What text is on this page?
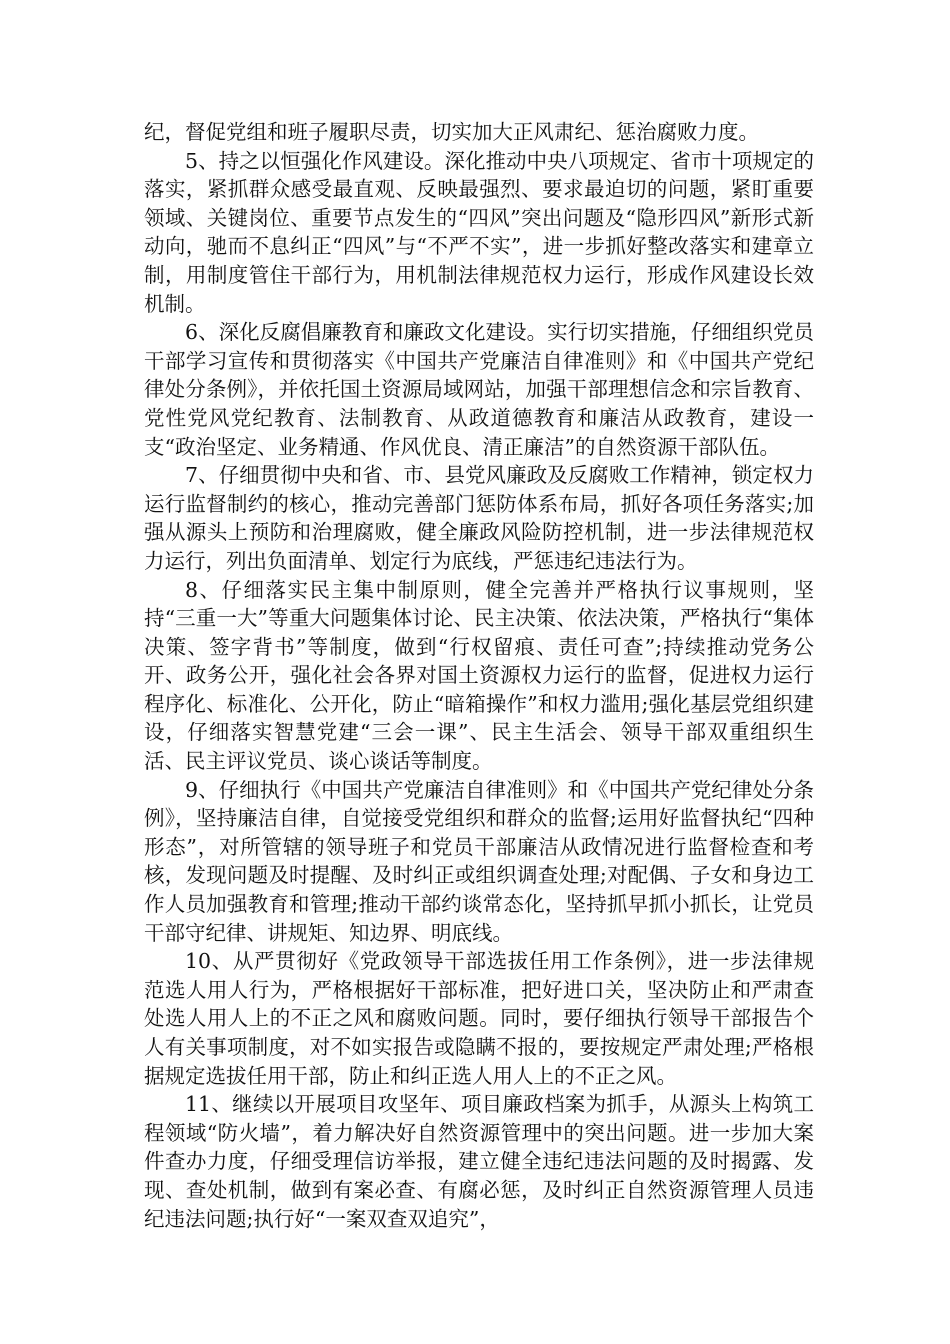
纪，督促党组和班子履职尽责，切实加大正风肃纪、惩治腐败力度。

5、持之以恒强化作风建设。深化推动中央八项规定、省市十项规定的落实，紧抓群众感受最直观、反映最强烈、要求最迫切的问题，紧盯重要领域、关键岗位、重要节点发生的“四风”突出问题及“隐形四风”新形式新动向，驰而不息纠正“四风”与“不严不实”，进一步抓好整改落实和建章立制，用制度管住干部行为，用机制法律规范权力运行，形成作风建设长效机制。

6、深化反腐倡廉教育和廉政文化建设。实行切实措施，仔细组织党员干部学习宣传和贯彻落实《中国共产党廉洁自律准则》和《中国共产党纪律处分条例》，并依托国土资源局域网站，加强干部理想信念和宗旨教育、党性党风党纪教育、法制教育、从政道德教育和廉洁从政教育，建设一支“政治坚定、业务精通、作风优良、清正廉洁”的自然资源干部队伍。

7、仔细贯彻中央和省、市、县党风廉政及反腐败工作精神，锁定权力运行监督制约的核心，推动完善部门惩防体系布局，抓好各项任务落实;加强从源头上预防和治理腐败，健全廉政风险防控机制，进一步法律规范权力运行，列出负面清单、划定行为底线，严惩违纪违法行为。

8、仔细落实民主集中制原则，健全完善并严格执行议事规则，坚持“三重一大”等重大问题集体讨论、民主决策、依法决策，严格执行“集体决策、签字背书”等制度，做到“行权留痕、责任可查”;持续推动党务公开、政务公开，强化社会各界对国土资源权力运行的监督，促进权力运行程序化、标准化、公开化，防止“暗箱操作”和权力滥用;强化基层党组织建设，仔细落实智慧党建“三会一课”、民主生活会、领导干部双重组织生活、民主评议党员、谈心谈话等制度。

9、仔细执行《中国共产党廉洁自律准则》和《中国共产党纪律处分条例》，坚持廉洁自律，自觉接受党组织和群众的监督;运用好监督执纪“四种形态”，对所管辖的领导班子和党员干部廉洁从政情况进行监督检查和考核，发现问题及时提醒、及时纠正或组织调查处理;对配偶、子女和身边工作人员加强教育和管理;推动干部约谈常态化，坚持抓早抓小抓长，让党员干部守纪律、讲规矩、知边界、明底线。

10、从严贯彻好《党政领导干部选拔任用工作条例》，进一步法律规范选人用人行为，严格根据好干部标准，把好进口关，坚决防止和严肃查处选人用人上的不正之风和腐败问题。同时，要仔细执行领导干部报告个人有关事项制度，对不如实报告或隐瞒不报的，要按规定严肃处理;严格根据规定选拔任用干部，防止和纠正选人用人上的不正之风。

11、继续以开展项目攻坚年、项目廉政档案为抓手，从源头上构筑工程领域“防火墙”，着力解决好自然资源管理中的突出问题。进一步加大案件查办力度，仔细受理信访举报，建立健全违纪违法问题的及时揭露、发现、查处机制，做到有案必查、有腐必惩，及时纠正自然资源管理人员违纪违法问题;执行好“一案双查双追究”，
